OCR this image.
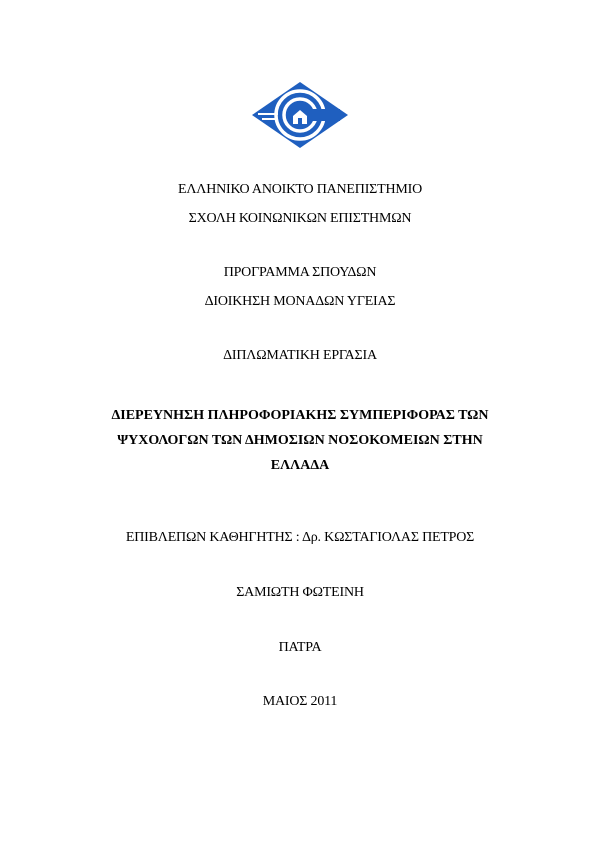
ΕΛΛΗΝΙΚΟ ΑΝΟΙΚΤΟ ΠΑΝΕΠΙΣΤΗΜΙΟ
ΣΧΟΛΗ ΚΟΙΝΩΝΙΚΩΝ ΕΠΙΣΤΗΜΩΝ
ΠΡΟΓΡΑΜΜΑ ΣΠΟΥΔΩΝ
ΔΙΟΙΚΗΣΗ ΜΟΝΑΔΩΝ ΥΓΕΙΑΣ
ΔΙΠΛΩΜΑΤΙΚΗ ΕΡΓΑΣΙΑ
ΔΙΕΡΕΥΝΗΣΗ ΠΛΗΡΟΦΟΡΙΑΚΗΣ ΣΥΜΠΕΡΙΦΟΡΑΣ ΤΩΝ
ΨΥΧΟΛΟΓΩΝ ΤΩΝ ΔΗΜΟΣΙΩΝ ΝΟΣΟΚΟΜΕΙΩΝ ΣΤΗΝ
ΕΛΛΑΔΑ
ΕΠΙΒΛΕΠΩΝ ΚΑΘΗΓΗΤΗΣ : Δρ. ΚΩΣΤΑΓΙΟΛΑΣ ΠΕΤΡΟΣ
ΣΑΜΙΩΤΗ ΦΩΤΕΙΝΗ
ΠΑΤΡΑ
ΜΑΙΟΣ 2011
